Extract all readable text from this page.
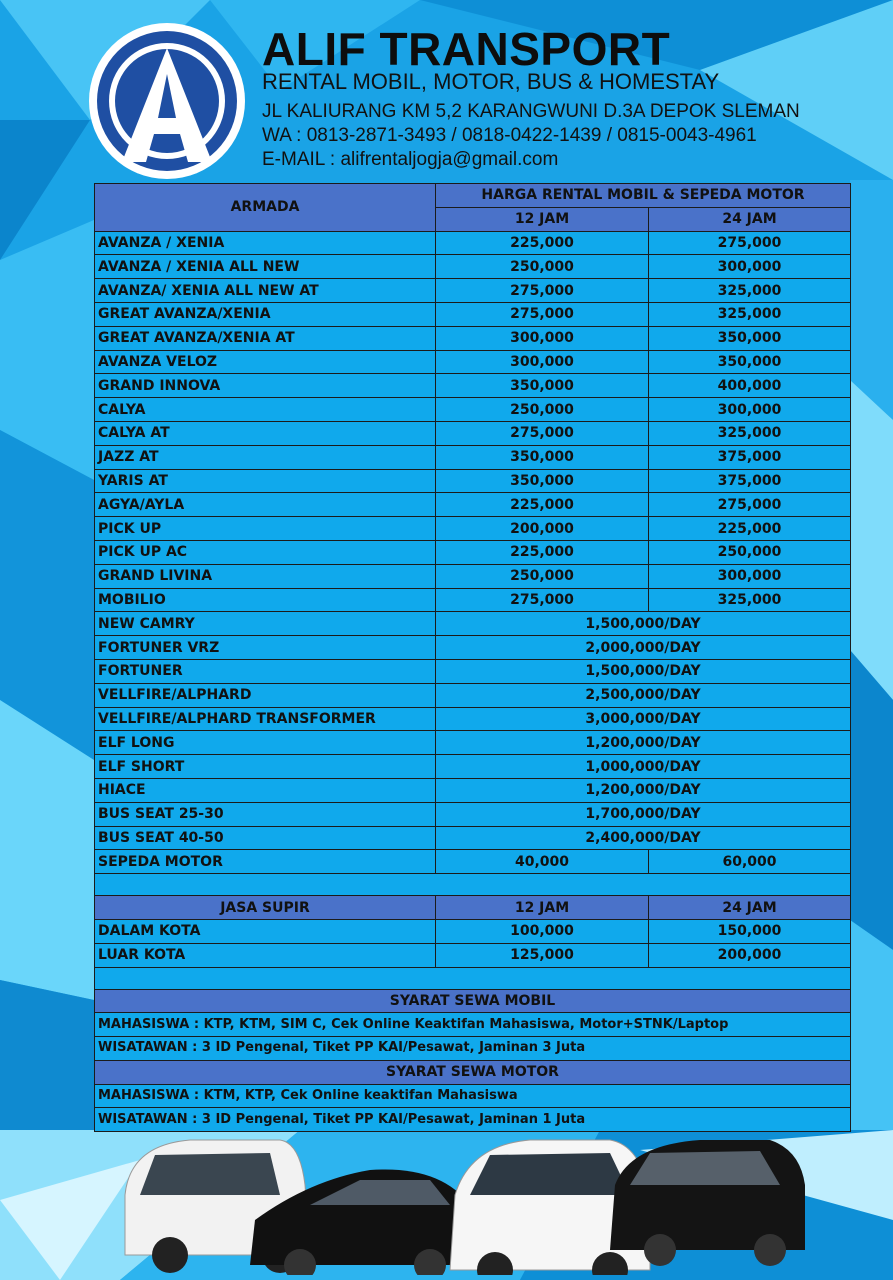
ALIF TRANSPORT
RENTAL MOBIL, MOTOR, BUS & HOMESTAY
JL KALIURANG KM 5,2 KARANGWUNI D.3A DEPOK SLEMAN
WA : 0813-2871-3493 / 0818-0422-1439 / 0815-0043-4961
E-MAIL : alifrentaljogja@gmail.com
ARMADA	HARGA RENTAL MOBIL & SEPEDA MOTOR	
	12 JAM	24 JAM
AVANZA / XENIA	225,000	275,000
AVANZA / XENIA ALL NEW	250,000	300,000
AVANZA/ XENIA ALL NEW AT	275,000	325,000
GREAT AVANZA/XENIA	275,000	325,000
GREAT AVANZA/XENIA AT	300,000	350,000
AVANZA VELOZ	300,000	350,000
GRAND INNOVA	350,000	400,000
CALYA	250,000	300,000
CALYA AT	275,000	325,000
JAZZ AT	350,000	375,000
YARIS AT	350,000	375,000
AGYA/AYLA	225,000	275,000
PICK UP	200,000	225,000
PICK UP AC	225,000	250,000
GRAND LIVINA	250,000	300,000
MOBILIO	275,000	325,000
NEW CAMRY	1,500,000/DAY	
FORTUNER VRZ	2,000,000/DAY	
FORTUNER	1,500,000/DAY	
VELLFIRE/ALPHARD	2,500,000/DAY	
VELLFIRE/ALPHARD TRANSFORMER	3,000,000/DAY	
ELF LONG	1,200,000/DAY	
ELF SHORT	1,000,000/DAY	
HIACE	1,200,000/DAY	
BUS SEAT 25-30	1,700,000/DAY	
BUS SEAT 40-50	2,400,000/DAY	
SEPEDA MOTOR	40,000	60,000

JASA SUPIR	12 JAM	24 JAM
DALAM KOTA	100,000	150,000
LUAR KOTA	125,000	200,000

SYARAT SEWA MOBIL		
MAHASISWA : KTP, KTM, SIM C, Cek Online Keaktifan Mahasiswa, Motor+STNK/Laptop		
WISATAWAN : 3 ID Pengenal, Tiket PP KAI/Pesawat, Jaminan 3 Juta		
SYARAT SEWA MOTOR		
MAHASISWA : KTM, KTP, Cek Online keaktifan Mahasiswa		
WISATAWAN : 3 ID Pengenal, Tiket PP KAI/Pesawat, Jaminan 1 Juta		
